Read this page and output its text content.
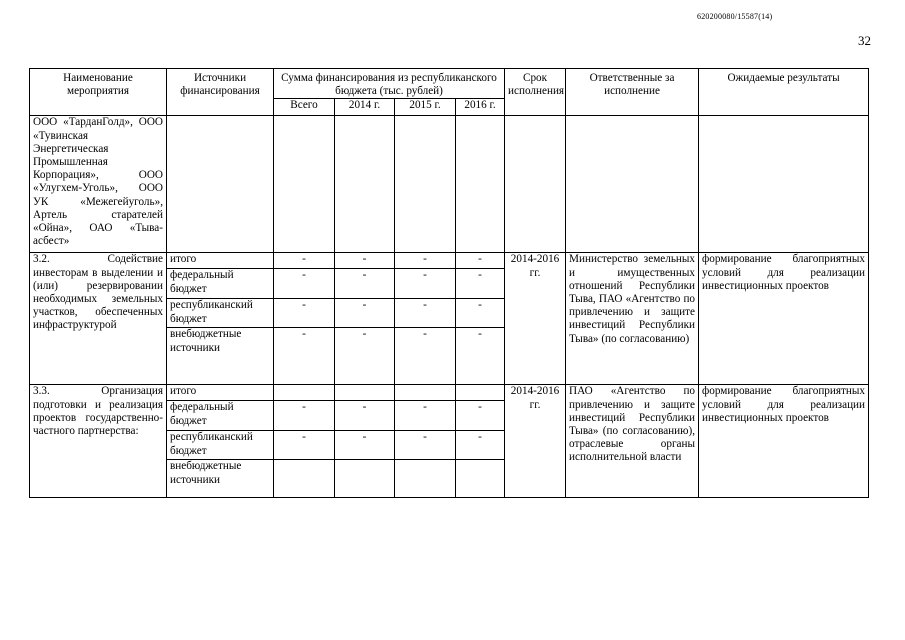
620200080/15587(14)
32
Наименование мероприятия	Источники финансирования	Сумма финансирования из республиканского бюджета (тыс. рублей)				Срок исполнения	Ответственные за исполнение	Ожидаемые результаты
		Всего	2014 г.	2015 г.	2016 г.			
ООО «ТарданГолд», ООО «Тувинская Энергетическая Промышленная Корпорация», ООО «Улугхем-Уголь», ООО УК «Межегейуголь», Артель старателей «Ойна», ОАО «Тыва-асбест»								
3.2. Содействие инвесторам в выделении и (или) резервировании необходимых земельных участков, обеспеченных инфраструктурой	итого	-	-	-	-	2014-2016 гг.	Министерство земельных и имущественных отношений Республики Тыва, ПАО «Агентство по привлечению и защите инвестиций Республики Тыва» (по согласованию)	формирование благоприятных условий для реализации инвестиционных проектов
	федеральный бюджет	-	-	-	-			
	республиканский бюджет	-	-	-	-			
	внебюджетные источники	-	-	-	-			
3.3. Организация подготовки и реализация проектов государственно-частного партнерства:	итого					2014-2016 гг.	ПАО «Агентство по привлечению и защите инвестиций Республики Тыва» (по согласованию), отраслевые органы исполнительной власти	формирование благоприятных условий для реализации инвестиционных проектов
	федеральный бюджет	-	-	-	-			
	республиканский бюджет	-	-	-	-			
	внебюджетные источники							
